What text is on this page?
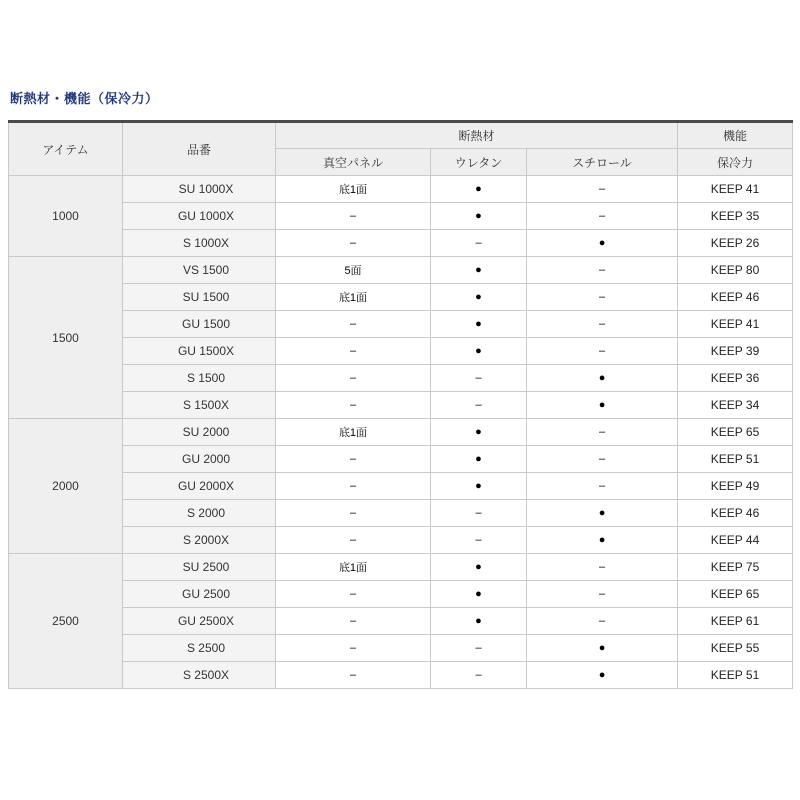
断熱材・機能（保冷力）
アイテム	品番	断熱材			機能
		真空パネル	ウレタン	スチロール	保冷力
1000	SU 1000X	底1面	●	–	KEEP 41
	GU 1000X	–	●	–	KEEP 35
	S 1000X	–	–	●	KEEP 26
1500	VS 1500	5面	●	–	KEEP 80
	SU 1500	底1面	●	–	KEEP 46
	GU 1500	–	●	–	KEEP 41
	GU 1500X	–	●	–	KEEP 39
	S 1500	–	–	●	KEEP 36
	S 1500X	–	–	●	KEEP 34
2000	SU 2000	底1面	●	–	KEEP 65
	GU 2000	–	●	–	KEEP 51
	GU 2000X	–	●	–	KEEP 49
	S 2000	–	–	●	KEEP 46
	S 2000X	–	–	●	KEEP 44
2500	SU 2500	底1面	●	–	KEEP 75
	GU 2500	–	●	–	KEEP 65
	GU 2500X	–	●	–	KEEP 61
	S 2500	–	–	●	KEEP 55
	S 2500X	–	–	●	KEEP 51
